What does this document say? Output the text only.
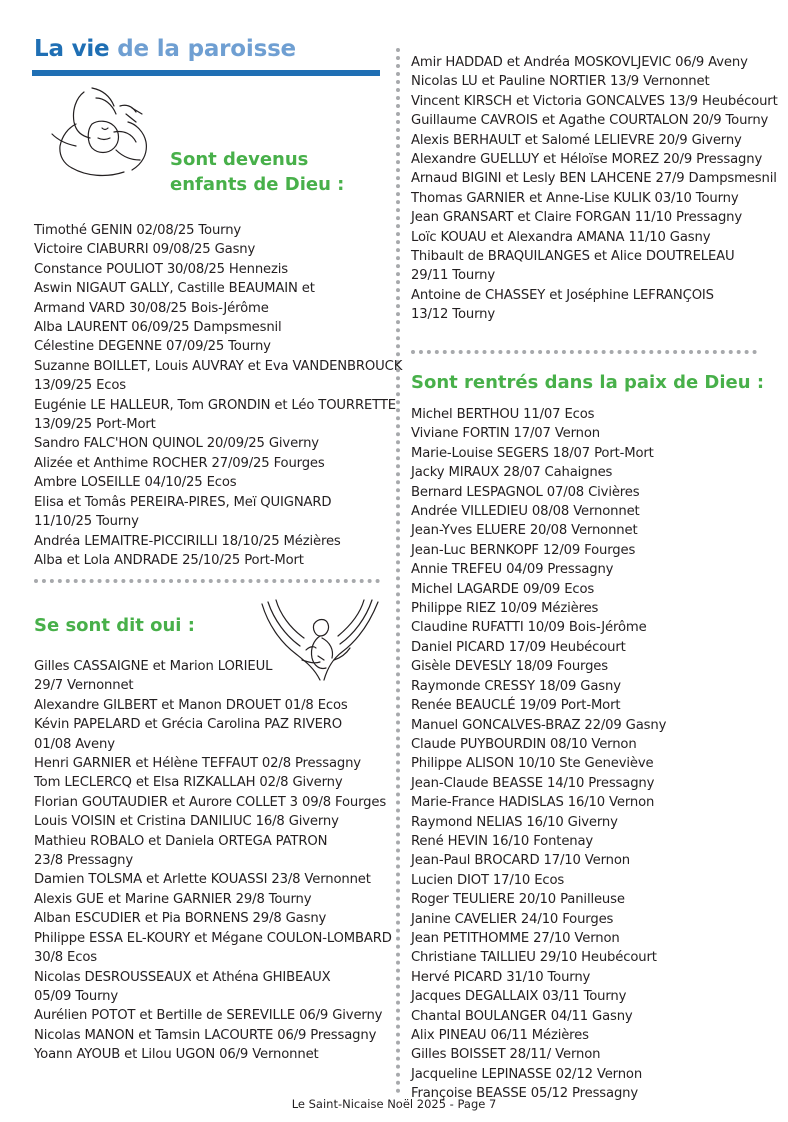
La vie de la paroisse
Sont devenus
enfants de Dieu :
Timothé GENIN 02/08/25 Tourny
Victoire CIABURRI 09/08/25 Gasny
Constance POULIOT 30/08/25 Hennezis
Aswin NIGAUT GALLY, Castille BEAUMAIN et
Armand VARD 30/08/25 Bois-Jérôme
Alba LAURENT 06/09/25 Dampsmesnil
Célestine DEGENNE 07/09/25 Tourny
Suzanne BOILLET, Louis AUVRAY et Eva VANDENBROUCK
13/09/25 Ecos
Eugénie LE HALLEUR, Tom GRONDIN et Léo TOURRETTE
13/09/25 Port-Mort
Sandro FALC'HON QUINOL 20/09/25 Giverny
Alizée et Anthime ROCHER 27/09/25 Fourges
Ambre LOSEILLE 04/10/25 Ecos
Elisa et Tomâs PEREIRA-PIRES, Meï QUIGNARD
11/10/25 Tourny
Andréa LEMAITRE-PICCIRILLI 18/10/25 Mézières
Alba et Lola ANDRADE 25/10/25 Port-Mort
Se sont dit oui :
Gilles CASSAIGNE et Marion LORIEUL
29/7 Vernonnet
Alexandre GILBERT et Manon DROUET 01/8 Ecos
Kévin PAPELARD et Grécia Carolina PAZ RIVERO
01/08 Aveny
Henri GARNIER et Hélène TEFFAUT 02/8 Pressagny
Tom LECLERCQ et Elsa RIZKALLAH 02/8 Giverny
Florian GOUTAUDIER et Aurore COLLET 3 09/8 Fourges
Louis VOISIN et Cristina DANILIUC 16/8 Giverny
Mathieu ROBALO et Daniela ORTEGA PATRON
23/8 Pressagny
Damien TOLSMA et Arlette KOUASSI 23/8 Vernonnet
Alexis GUE et Marine GARNIER 29/8 Tourny
Alban ESCUDIER et Pia BORNENS 29/8 Gasny
Philippe ESSA EL-KOURY et Mégane COULON-LOMBARD
30/8 Ecos
Nicolas DESROUSSEAUX et Athéna GHIBEAUX
05/09 Tourny
Aurélien POTOT et Bertille de SEREVILLE 06/9 Giverny
Nicolas MANON et Tamsin LACOURTE 06/9 Pressagny
Yoann AYOUB et Lilou UGON 06/9 Vernonnet
Amir HADDAD et Andréa MOSKOVLJEVIC 06/9 Aveny
Nicolas LU et Pauline NORTIER 13/9 Vernonnet
Vincent KIRSCH et Victoria GONCALVES 13/9 Heubécourt
Guillaume CAVROIS et Agathe COURTALON 20/9 Tourny
Alexis BERHAULT et Salomé LELIEVRE 20/9 Giverny
Alexandre GUELLUY et Héloïse MOREZ 20/9 Pressagny
Arnaud BIGINI et Lesly BEN LAHCENE 27/9 Dampsmesnil
Thomas GARNIER et Anne-Lise KULIK 03/10 Tourny
Jean GRANSART et Claire FORGAN 11/10 Pressagny
Loïc KOUAU et Alexandra AMANA 11/10 Gasny
Thibault de BRAQUILANGES et Alice DOUTRELEAU
29/11 Tourny
Antoine de CHASSEY et Joséphine LEFRANÇOIS
13/12 Tourny
Sont rentrés dans la paix de Dieu :
Michel BERTHOU 11/07 Ecos
Viviane FORTIN 17/07 Vernon
Marie-Louise SEGERS 18/07 Port-Mort
Jacky MIRAUX 28/07 Cahaignes
Bernard LESPAGNOL 07/08 Civières
Andrée VILLEDIEU 08/08 Vernonnet
Jean-Yves ELUERE 20/08 Vernonnet
Jean-Luc BERNKOPF 12/09 Fourges
Annie TREFEU 04/09 Pressagny
Michel LAGARDE 09/09 Ecos
Philippe RIEZ 10/09 Mézières
Claudine RUFATTI 10/09 Bois-Jérôme
Daniel PICARD 17/09 Heubécourt
Gisèle DEVESLY 18/09 Fourges
Raymonde CRESSY 18/09 Gasny
Renée BEAUCLÉ 19/09 Port-Mort
Manuel GONCALVES-BRAZ 22/09 Gasny
Claude PUYBOURDIN 08/10 Vernon
Philippe ALISON 10/10 Ste Geneviève
Jean-Claude BEASSE 14/10 Pressagny
Marie-France HADISLAS 16/10 Vernon
Raymond NELIAS 16/10 Giverny
René HEVIN 16/10 Fontenay
Jean-Paul BROCARD 17/10 Vernon
Lucien DIOT 17/10 Ecos
Roger TEULIERE 20/10 Panilleuse
Janine CAVELIER 24/10 Fourges
Jean PETITHOMME 27/10 Vernon
Christiane TAILLIEU 29/10 Heubécourt
Hervé PICARD 31/10 Tourny
Jacques DEGALLAIX 03/11 Tourny
Chantal BOULANGER 04/11 Gasny
Alix PINEAU 06/11 Mézières
Gilles BOISSET 28/11/ Vernon
Jacqueline LEPINASSE 02/12 Vernon
Françoise BEASSE 05/12 Pressagny
Le Saint-Nicaise Noël 2025 - Page 7
